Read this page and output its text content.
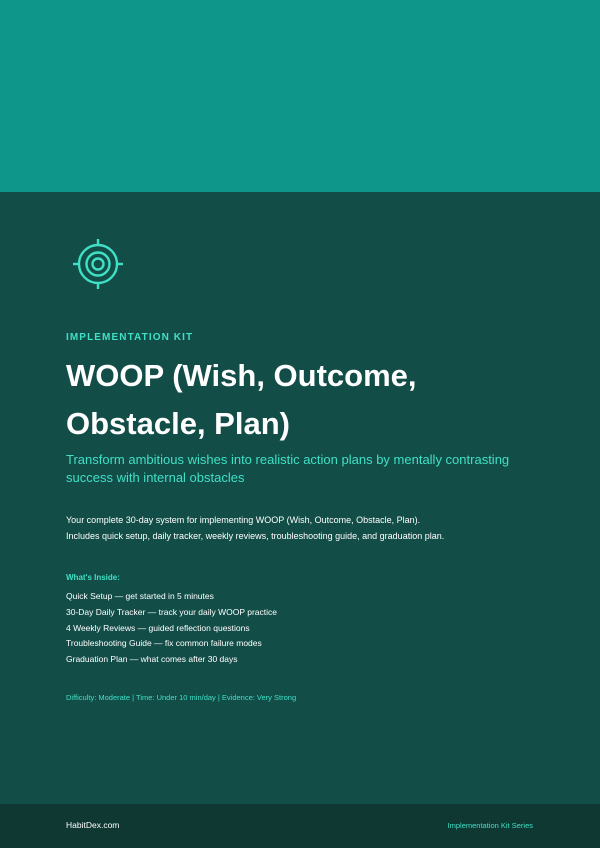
IMPLEMENTATION KIT
WOOP (Wish, Outcome, Obstacle, Plan)

Transform ambitious wishes into realistic action plans by mentally contrasting success with internal obstacles

Your complete 30-day system for implementing WOOP (Wish, Outcome, Obstacle, Plan).
Includes quick setup, daily tracker, weekly reviews, troubleshooting guide, and graduation plan.
What's Inside:
Quick Setup — get started in 5 minutes
30-Day Daily Tracker — track your daily WOOP practice
4 Weekly Reviews — guided reflection questions
Troubleshooting Guide — fix common failure modes
Graduation Plan — what comes after 30 days
Difficulty: Moderate | Time: Under 10 min/day | Evidence: Very Strong
HabitDex.com	Implementation Kit Series
